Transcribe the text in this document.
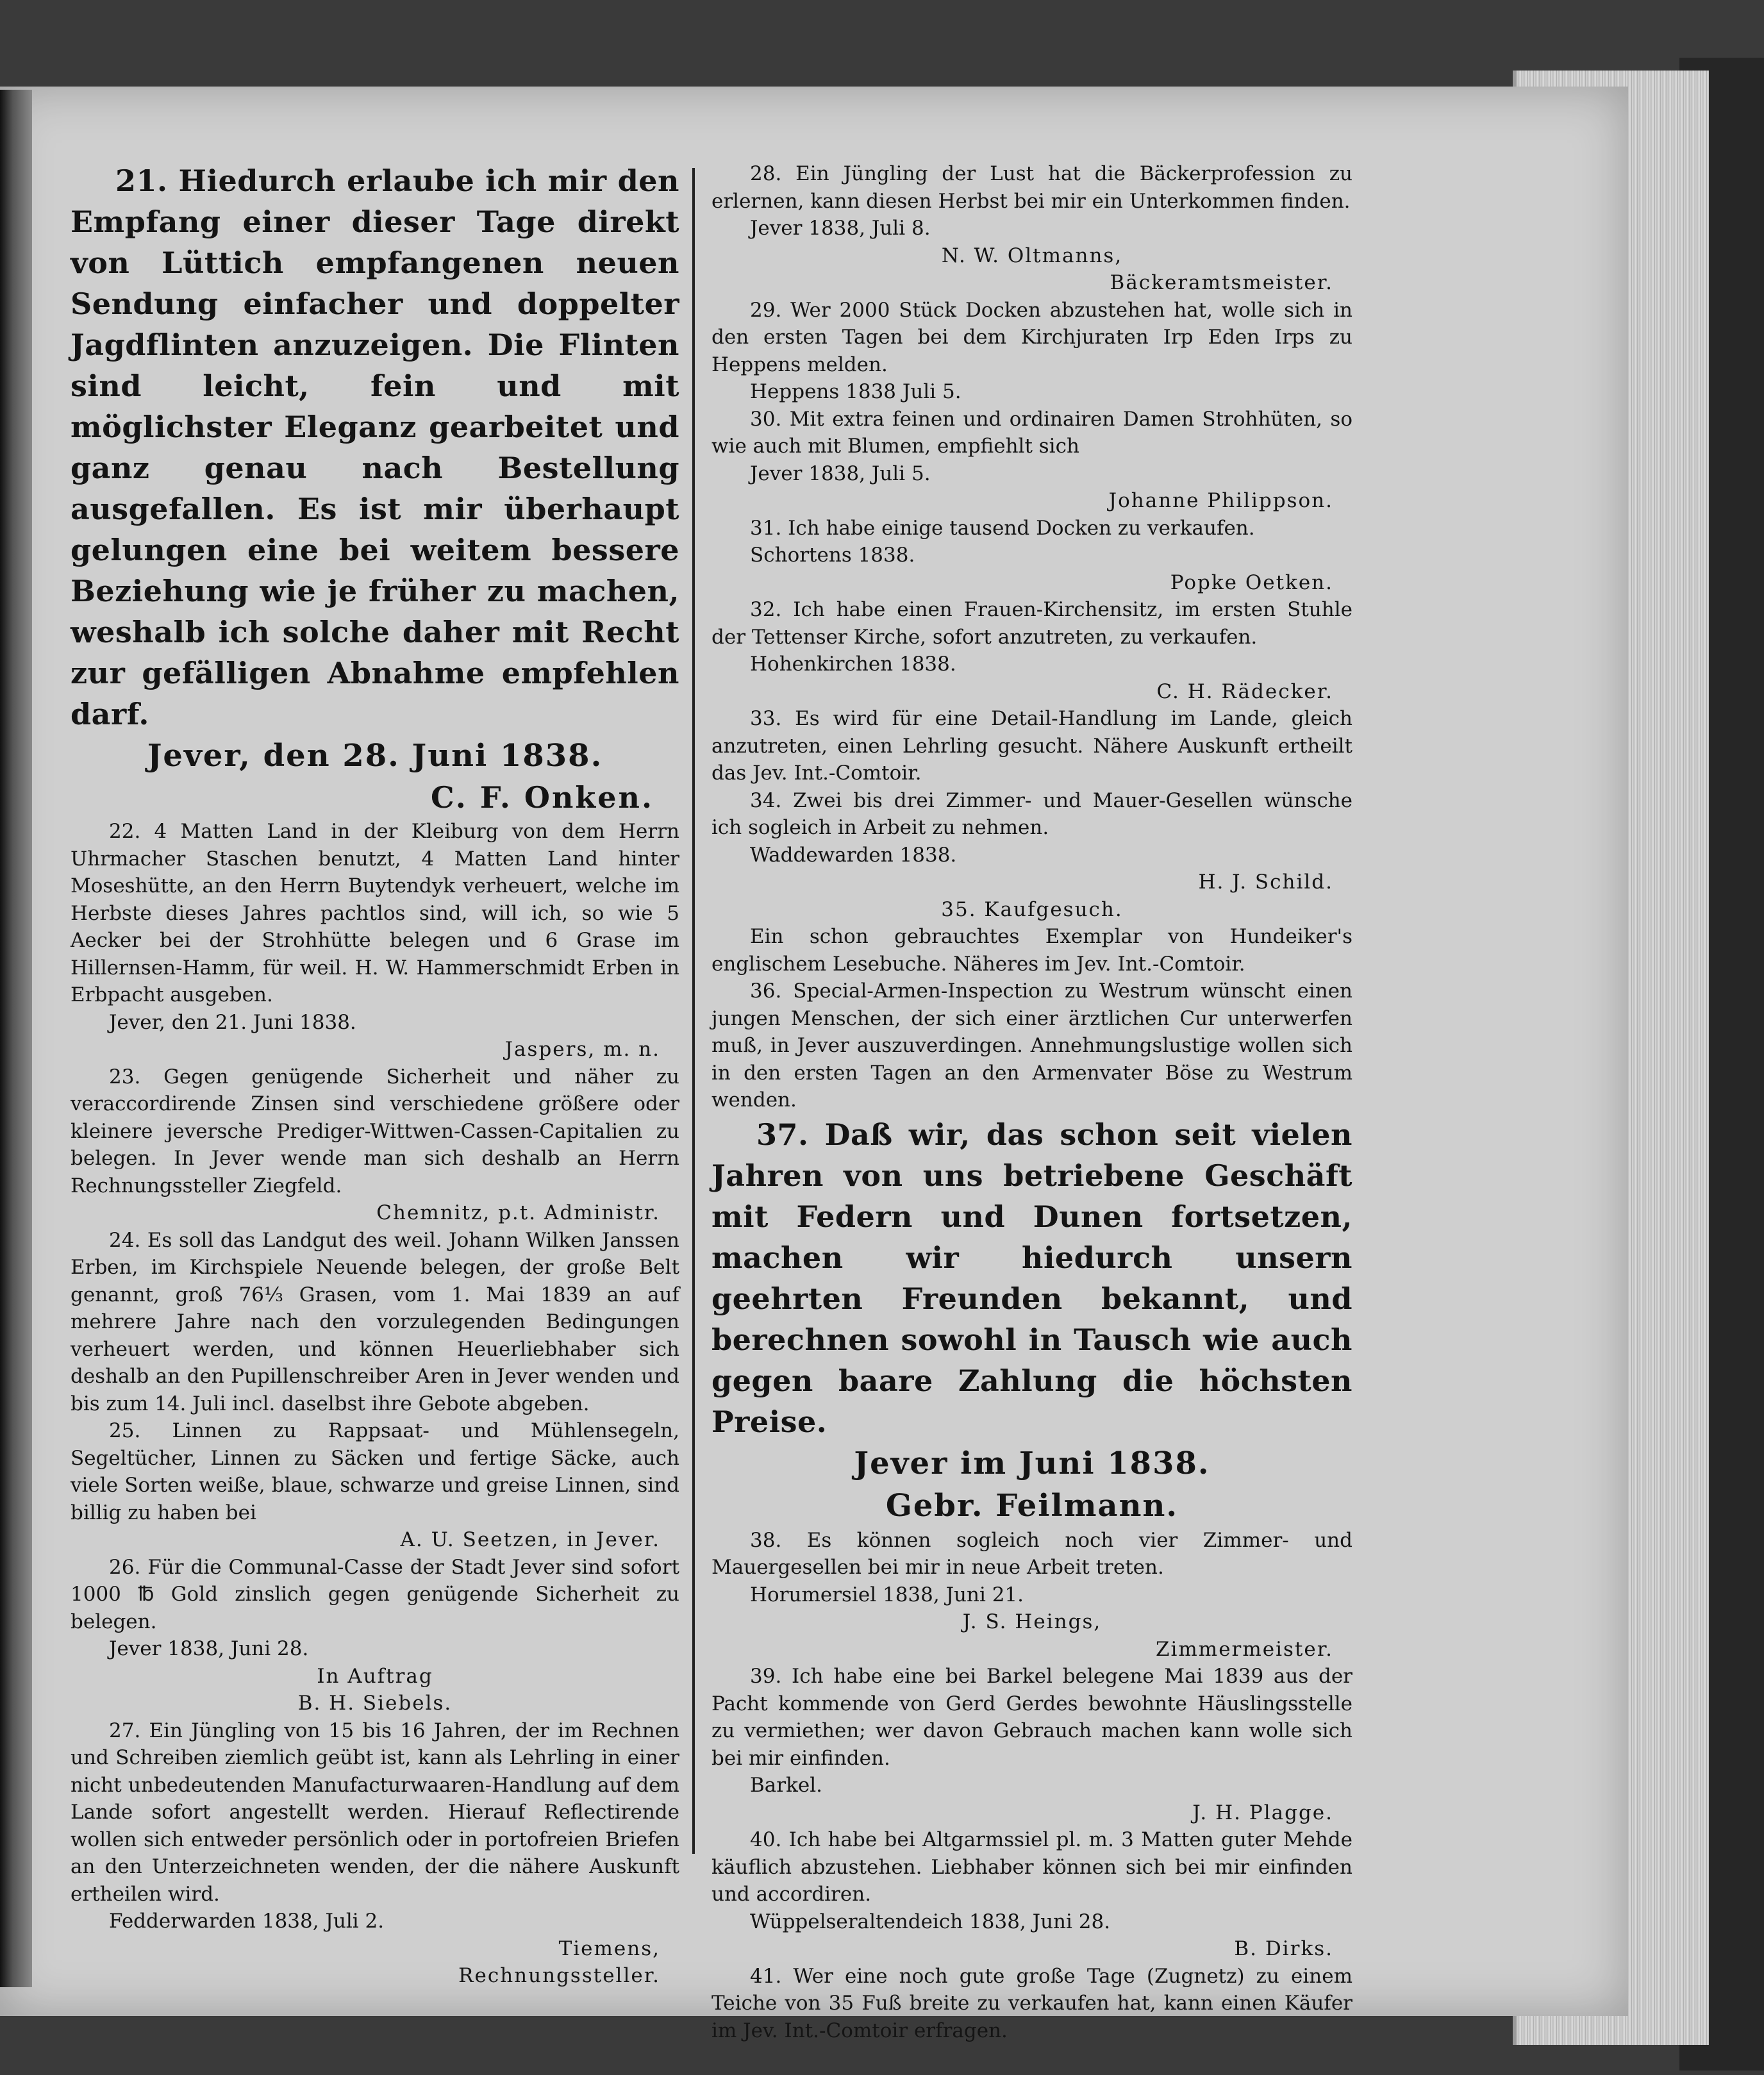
21. Hiedurch erlaube ich mir den Empfang einer dieser Tage direkt von Lüttich empfangenen neuen Sendung einfacher und doppelter Jagdflinten anzuzeigen. Die Flinten sind leicht, fein und mit möglichster Eleganz gearbeitet und ganz genau nach Bestellung ausgefallen. Es ist mir überhaupt gelungen eine bei weitem bessere Beziehung wie je früher zu machen, weshalb ich solche daher mit Recht zur gefälligen Abnahme empfehlen darf.

Jever, den 28. Juni 1838.

C. F. Onken.

22. 4 Matten Land in der Kleiburg von dem Herrn Uhrmacher Staschen benutzt, 4 Matten Land hinter Moseshütte, an den Herrn Buytendyk verheuert, welche im Herbste dieses Jahres pachtlos sind, will ich, so wie 5 Aecker bei der Strohhütte belegen und 6 Grase im Hillernsen-Hamm, für weil. H. W. Hammerschmidt Erben in Erbpacht ausgeben.

Jever, den 21. Juni 1838.

Jaspers, m. n.

23. Gegen genügende Sicherheit und näher zu veraccordirende Zinsen sind verschiedene größere oder kleinere jeversche Prediger-Wittwen-Cassen-Capitalien zu belegen. In Jever wende man sich deshalb an Herrn Rechnungssteller Ziegfeld.

Chemnitz, p.t. Administr.

24. Es soll das Landgut des weil. Johann Wilken Janssen Erben, im Kirchspiele Neuende belegen, der große Belt genannt, groß 76⅓ Grasen, vom 1. Mai 1839 an auf mehrere Jahre nach den vorzulegenden Bedingungen verheuert werden, und können Heuerliebhaber sich deshalb an den Pupillenschreiber Aren in Jever wenden und bis zum 14. Juli incl. daselbst ihre Gebote abgeben.

25. Linnen zu Rappsaat- und Mühlensegeln, Segeltücher, Linnen zu Säcken und fertige Säcke, auch viele Sorten weiße, blaue, schwarze und greise Linnen, sind billig zu haben bei

A. U. Seetzen, in Jever.

26. Für die Communal-Casse der Stadt Jever sind sofort 1000 ℔ Gold zinslich gegen genügende Sicherheit zu belegen.

Jever 1838, Juni 28.

In Auftrag

B. H. Siebels.

27. Ein Jüngling von 15 bis 16 Jahren, der im Rechnen und Schreiben ziemlich geübt ist, kann als Lehrling in einer nicht unbedeutenden Manufacturwaaren-Handlung auf dem Lande sofort angestellt werden. Hierauf Reflectirende wollen sich entweder persönlich oder in portofreien Briefen an den Unterzeichneten wenden, der die nähere Auskunft ertheilen wird.

Fedderwarden 1838, Juli 2.

Tiemens,

Rechnungssteller.

28. Ein Jüngling der Lust hat die Bäckerprofession zu erlernen, kann diesen Herbst bei mir ein Unterkommen finden.

Jever 1838, Juli 8.

N. W. Oltmanns,

Bäckeramtsmeister.

29. Wer 2000 Stück Docken abzustehen hat, wolle sich in den ersten Tagen bei dem Kirchjuraten Irp Eden Irps zu Heppens melden.

Heppens 1838 Juli 5.

30. Mit extra feinen und ordinairen Damen Strohhüten, so wie auch mit Blumen, empfiehlt sich

Jever 1838, Juli 5.

Johanne Philippson.

31. Ich habe einige tausend Docken zu verkaufen.

Schortens 1838.

Popke Oetken.

32. Ich habe einen Frauen-Kirchensitz, im ersten Stuhle der Tettenser Kirche, sofort anzutreten, zu verkaufen.

Hohenkirchen 1838.

C. H. Rädecker.

33. Es wird für eine Detail-Handlung im Lande, gleich anzutreten, einen Lehrling gesucht. Nähere Auskunft ertheilt das Jev. Int.-Comtoir.

34. Zwei bis drei Zimmer- und Mauer-Gesellen wünsche ich sogleich in Arbeit zu nehmen.

Waddewarden 1838.

H. J. Schild.

35. Kaufgesuch.

Ein schon gebrauchtes Exemplar von Hundeiker's englischem Lesebuche. Näheres im Jev. Int.-Comtoir.

36. Special-Armen-Inspection zu Westrum wünscht einen jungen Menschen, der sich einer ärztlichen Cur unterwerfen muß, in Jever auszuverdingen. Annehmungslustige wollen sich in den ersten Tagen an den Armenvater Böse zu Westrum wenden.

37. Daß wir, das schon seit vielen Jahren von uns betriebene Geschäft mit Federn und Dunen fortsetzen, machen wir hiedurch unsern geehrten Freunden bekannt, und berechnen sowohl in Tausch wie auch gegen baare Zahlung die höchsten Preise.

Jever im Juni 1838.

Gebr. Feilmann.

38. Es können sogleich noch vier Zimmer- und Mauergesellen bei mir in neue Arbeit treten.

Horumersiel 1838, Juni 21.

J. S. Heings,

Zimmermeister.

39. Ich habe eine bei Barkel belegene Mai 1839 aus der Pacht kommende von Gerd Gerdes bewohnte Häuslingsstelle zu vermiethen; wer davon Gebrauch machen kann wolle sich bei mir einfinden.

Barkel.

J. H. Plagge.

40. Ich habe bei Altgarmssiel pl. m. 3 Matten guter Mehde käuflich abzustehen. Liebhaber können sich bei mir einfinden und accordiren.

Wüppelseraltendeich 1838, Juni 28.

B. Dirks.

41. Wer eine noch gute große Tage (Zugnetz) zu einem Teiche von 35 Fuß breite zu verkaufen hat, kann einen Käufer im Jev. Int.-Comtoir erfragen.
